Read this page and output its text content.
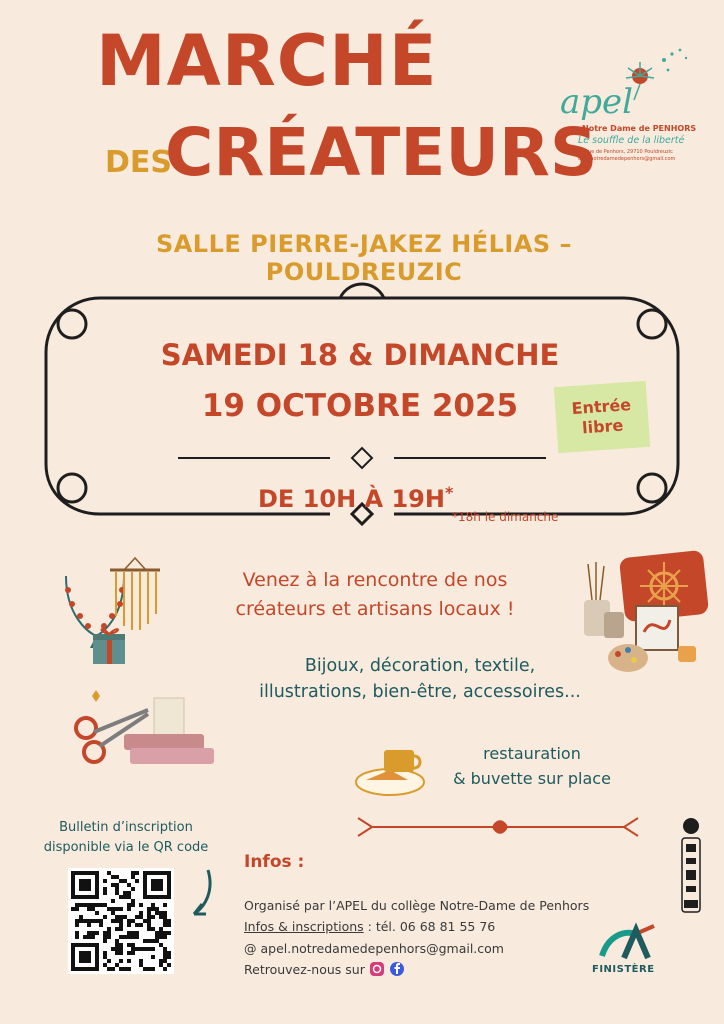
MARCHÉ
DES
CRÉATEURS
apel
Notre Dame de PENHORS
Le souffle de la liberté
33 rue de Penhors, 29710 Pouldreuzic apel.notredamedepenhors@gmail.com
SALLE PIERRE-JAKEZ HÉLIAS – POULDREUZIC
SAMEDI 18 & DIMANCHE
19 OCTOBRE 2025	Entrée
libre
DE 10H À 19H*
*18h le dimanche
Venez à la rencontre de nos
créateurs et artisans locaux !
Bijoux, décoration, textile,
illustrations, bien-être, accessoires...
restauration
& buvette sur place
Bulletin d’inscription
disponible via le QR code
Infos :
Organisé par l’APEL du collège Notre-Dame de Penhors
Infos & inscriptions : tél. 06 68 81 55 76
@ apel.notredamedepenhors@gmail.com
Retrouvez-nous sur	FINISTÈRE
